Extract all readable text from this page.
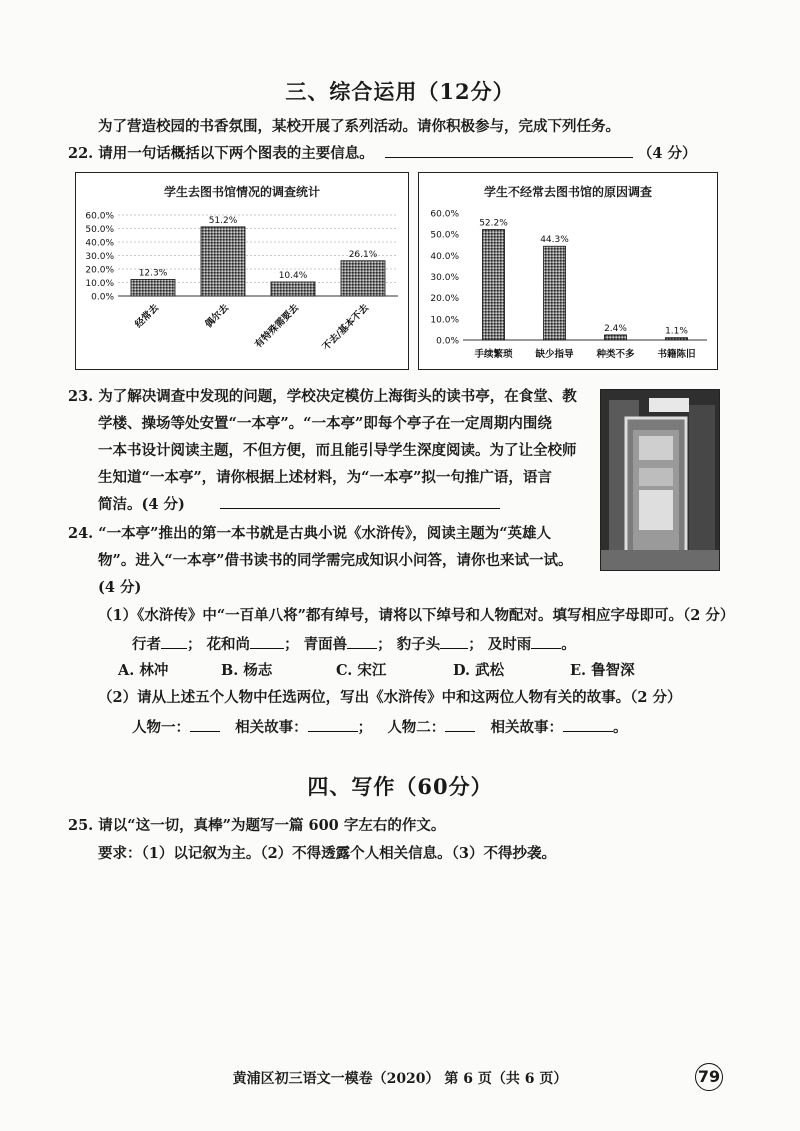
三、综合运用（12分）
为了营造校园的书香氛围，某校开展了系列活动。请你积极参与，完成下列任务。
22. 请用一句话概括以下两个图表的主要信息。	（4 分）
学生去图书馆情况的调查统计
60.0%
50.0%
40.0%
30.0%
20.0%
10.0%
0.0%
12.3%
经常去
51.2%
偶尔去
10.4%
有特殊需要去
26.1%
不去/基本不去
学生不经常去图书馆的原因调查
60.0%
50.0%
40.0%
30.0%
20.0%
10.0%
0.0%
52.2%
手续繁琐
44.3%
缺少指导
2.4%
种类不多
1.1%
书籍陈旧
23. 为了解决调查中发现的问题，学校决定模仿上海街头的读书亭，在食堂、教
学楼、操场等处安置“一本亭”。“一本亭”即每个亭子在一定周期内围绕
一本书设计阅读主题，不但方便，而且能引导学生深度阅读。为了让全校师
生知道“一本亭”，请你根据上述材料，为“一本亭”拟一句推广语，语言
简洁。(4 分)
24. “一本亭”推出的第一本书就是古典小说《水浒传》，阅读主题为“英雄人
物”。进入“一本亭”借书读书的同学需完成知识小问答，请你也来试一试。
(4 分)
（1）《水浒传》中“一百单八将”都有绰号，请将以下绰号和人物配对。填写相应字母即可。（2 分）
行者 ； 花和尚 ； 青面兽 ； 豹子头 ； 及时雨 。
A. 林冲	B. 杨志	C. 宋江	D. 武松	E. 鲁智深
（2）请从上述五个人物中任选两位，写出《水浒传》中和这两位人物有关的故事。（2 分）
人物一：	相关故事：	；   人物二：	相关故事：	。
四、写作（60分）
25. 请以“这一切，真棒”为题写一篇 600 字左右的作文。
要求：（1）以记叙为主。（2）不得透露个人相关信息。（3）不得抄袭。
黄浦区初三语文一模卷（2020） 第 6 页（共 6 页）	79
